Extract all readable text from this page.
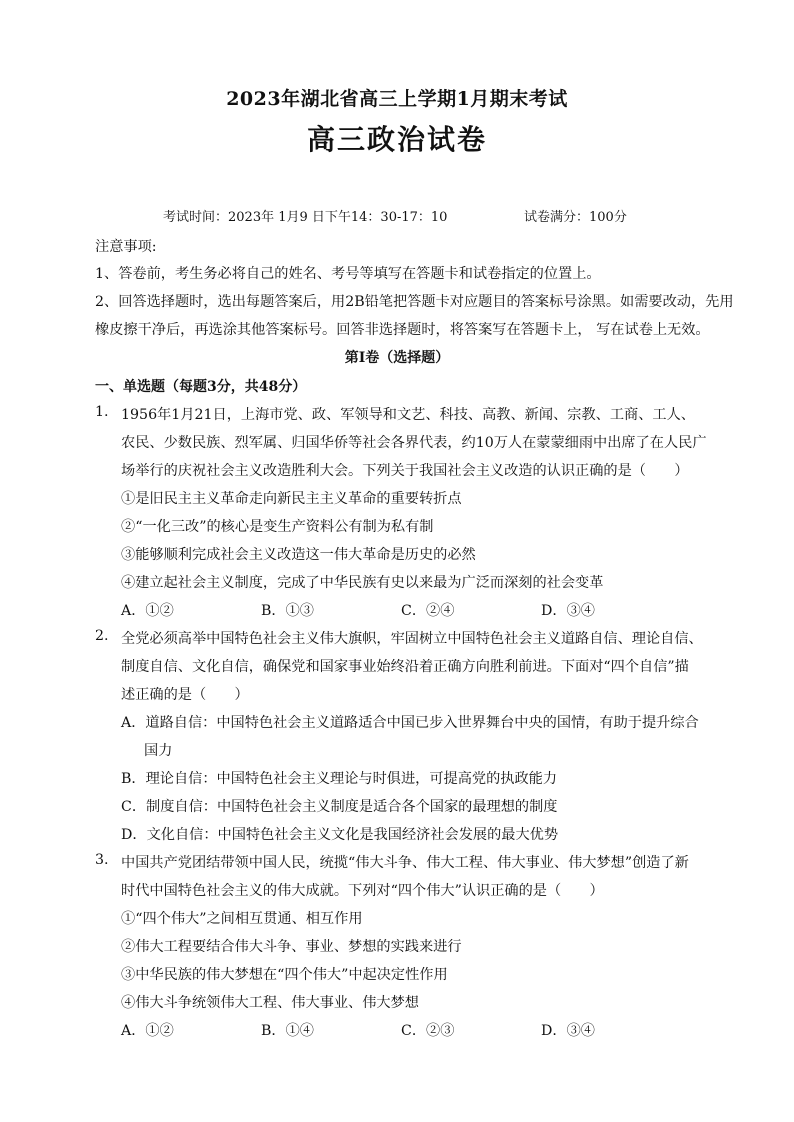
2023年湖北省高三上学期1月期末考试
高三政治试卷
考试时间：2023年 1月9 日下午14：30-17：10	试卷满分：100分
注意事项:
1、答卷前，考生务必将自己的姓名、考号等填写在答题卡和试卷指定的位置上。
2、回答选择题时，选出每题答案后，用2B铅笔把答题卡对应题目的答案标号涂黑。如需要改动，先用
橡皮擦干净后，再选涂其他答案标号。回答非选择题时，将答案写在答题卡上， 写在试卷上无效。
第Ⅰ卷（选择题）
一、单选题（每题3分，共48分）
1. 1956年1月21日，上海市党、政、军领导和文艺、科技、高教、新闻、宗教、工商、工人、
农民、少数民族、烈军属、归国华侨等社会各界代表，约10万人在蒙蒙细雨中出席了在人民广
场举行的庆祝社会主义改造胜利大会。下列关于我国社会主义改造的认识正确的是（　　）
①是旧民主主义革命走向新民主主义革命的重要转折点
②“一化三改”的核心是变生产资料公有制为私有制
③能够顺利完成社会主义改造这一伟大革命是历史的必然
④建立起社会主义制度，完成了中华民族有史以来最为广泛而深刻的社会变革
A．①②	B．①③	C．②④	D．③④
2. 全党必须高举中国特色社会主义伟大旗帜，牢固树立中国特色社会主义道路自信、理论自信、
制度自信、文化自信，确保党和国家事业始终沿着正确方向胜利前进。下面对“四个自信”描
述正确的是（　　）
A．道路自信：中国特色社会主义道路适合中国已步入世界舞台中央的国情，有助于提升综合
国力
B．理论自信：中国特色社会主义理论与时俱进，可提高党的执政能力
C．制度自信：中国特色社会主义制度是适合各个国家的最理想的制度
D．文化自信：中国特色社会主义文化是我国经济社会发展的最大优势
3. 中国共产党团结带领中国人民，统揽“伟大斗争、伟大工程、伟大事业、伟大梦想”创造了新
时代中国特色社会主义的伟大成就。下列对“四个伟大”认识正确的是（　　）
①“四个伟大”之间相互贯通、相互作用
②伟大工程要结合伟大斗争、事业、梦想的实践来进行
③中华民族的伟大梦想在“四个伟大”中起决定性作用
④伟大斗争统领伟大工程、伟大事业、伟大梦想
A．①②	B．①④	C．②③	D．③④
